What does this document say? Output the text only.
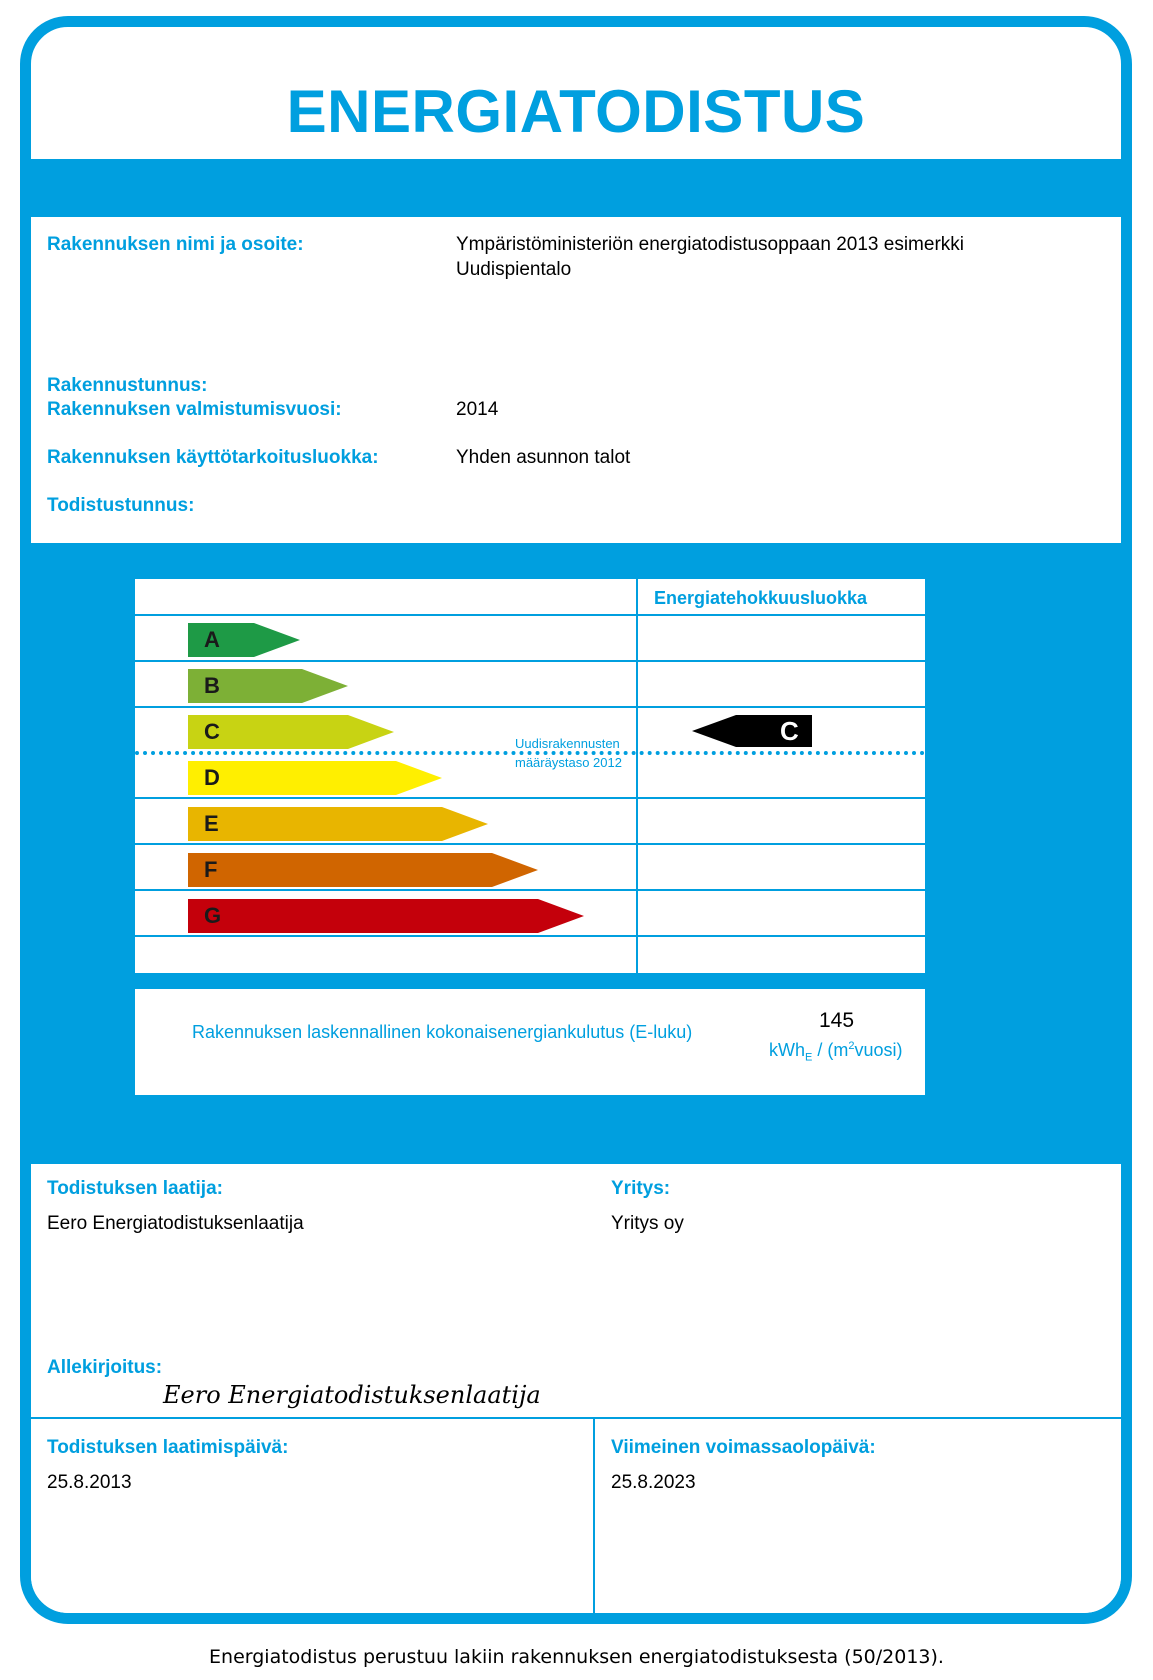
ENERGIATODISTUS
Rakennuksen nimi ja osoite:	Ympäristöministeriön energiatodistusoppaan 2013 esimerkki
Uudispientalo
Rakennustunnus:
Rakennuksen valmistumisvuosi:	2014
Rakennuksen käyttötarkoitusluokka:	Yhden asunnon talot
Todistustunnus:
Energiatehokkuusluokka
A
B
C
D
E
F
G
Uudisrakennusten
määräystaso 2012
C
Rakennuksen laskennallinen kokonaisenergiankulutus (E-luku)	145
$kWh_E / (m^2vuosi)$
Todistuksen laatija:
Eero Energiatodistuksenlaatija
Yritys:
Yritys oy
Allekirjoitus:
Eero Energiatodistuksenlaatija
Todistuksen laatimispäivä:
25.8.2013
Viimeinen voimassaolopäivä:
25.8.2023
Energiatodistus perustuu lakiin rakennuksen energiatodistuksesta (50/2013).
